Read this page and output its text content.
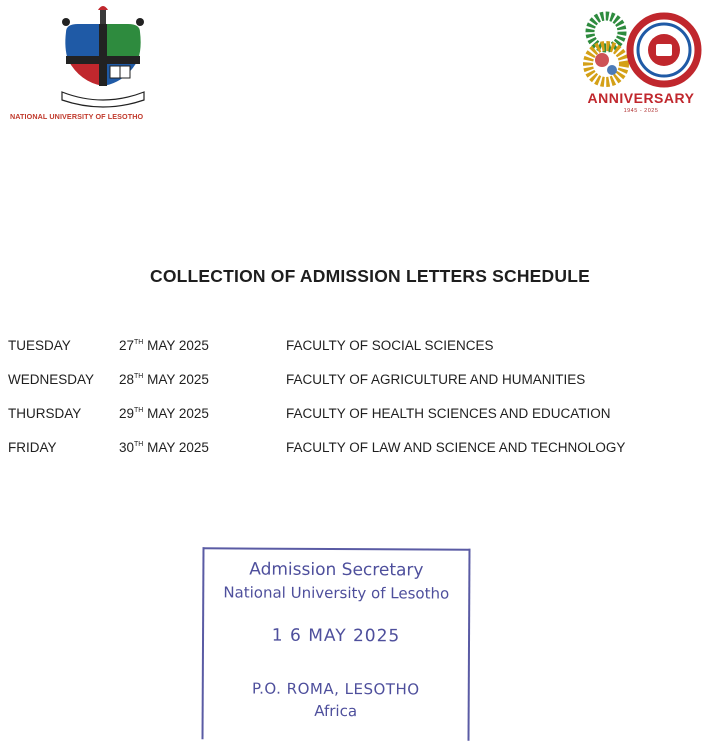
NATIONAL UNIVERSITY OF LESOTHO
ANNIVERSARY
1945 - 2025
COLLECTION OF ADMISSION LETTERS SCHEDULE
TUESDAY	27TH MAY 2025	FACULTY OF SOCIAL SCIENCES
WEDNESDAY 28TH MAY 2025	FACULTY OF AGRICULTURE AND HUMANITIES
THURSDAY	29TH MAY 2025	FACULTY OF HEALTH SCIENCES AND EDUCATION
FRIDAY	30TH MAY 2025	FACULTY OF LAW AND SCIENCE AND TECHNOLOGY
Admission Secretary
National University of Lesotho
1 6 MAY 2025
P.O. ROMA, LESOTHO
Africa
